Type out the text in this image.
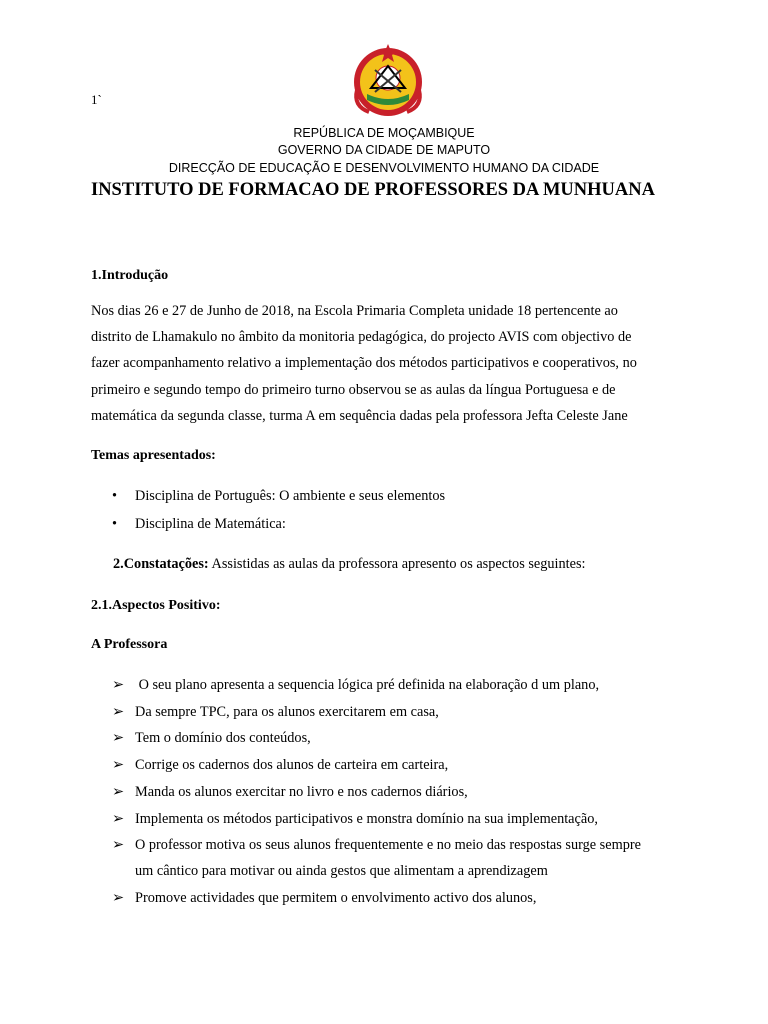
1`
REPÚBLICA DE MOÇAMBIQUE
GOVERNO DA CIDADE DE MAPUTO
DIRECÇÃO DE EDUCAÇÃO E DESENVOLVIMENTO HUMANO DA CIDADE
INSTITUTO DE FORMACAO DE PROFESSORES DA MUNHUANA
1.Introdução

Nos dias 26 e 27 de Junho de 2018, na Escola Primaria Completa unidade 18 pertencente ao

distrito de Lhamakulo no âmbito da monitoria pedagógica, do projecto AVIS com objectivo de

fazer acompanhamento relativo a implementação dos métodos participativos e cooperativos, no

primeiro e segundo tempo do primeiro turno observou se as aulas da língua Portuguesa e de

matemática da segunda classe, turma A em sequência dadas pela professora Jefta Celeste Jane

Temas apresentados:
• Disciplina de Português: O ambiente e seus elementos
• Disciplina de Matemática:
2.Constatações: Assistidas as aulas da professora apresento os aspectos seguintes:
2.1.Aspectos Positivo:
A Professora
➢ O seu plano apresenta a sequencia lógica pré definida na elaboração d um plano,
➢ Da sempre TPC, para os alunos exercitarem em casa,
➢ Tem o domínio dos conteúdos,
➢ Corrige os cadernos dos alunos de carteira em carteira,
➢ Manda os alunos exercitar no livro e nos cadernos diários,
➢ Implementa os métodos participativos e monstra domínio na sua implementação,
➢ O professor motiva os seus alunos frequentemente e no meio das respostas surge sempre
um cântico para motivar ou ainda gestos que alimentam a aprendizagem
➢ Promove actividades que permitem o envolvimento activo dos alunos,
